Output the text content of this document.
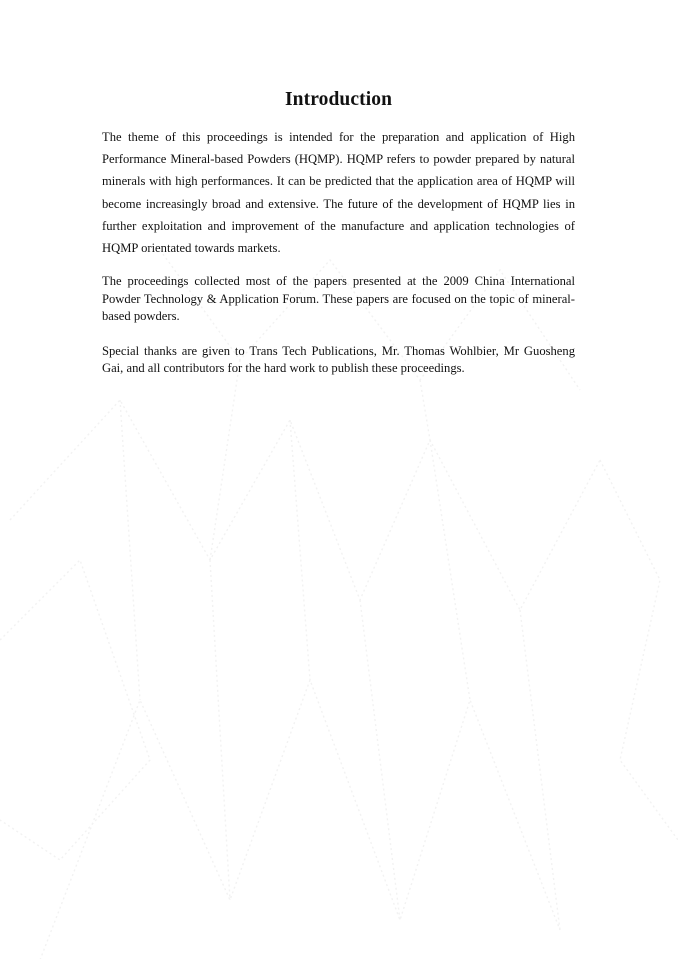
Introduction

The theme of this proceedings is intended for the preparation and application of High Performance Mineral-based Powders (HQMP). HQMP refers to powder prepared by natural minerals with high performances. It can be predicted that the application area of HQMP will become increasingly broad and extensive. The future of the development of HQMP lies in further exploitation and improvement of the manufacture and application technologies of HQMP orientated towards markets.

The proceedings collected most of the papers presented at the 2009 China International Powder Technology & Application Forum. These papers are focused on the topic of mineral-based powders.

Special thanks are given to Trans Tech Publications, Mr. Thomas Wohlbier, Mr Guosheng Gai, and all contributors for the hard work to publish these proceedings.
